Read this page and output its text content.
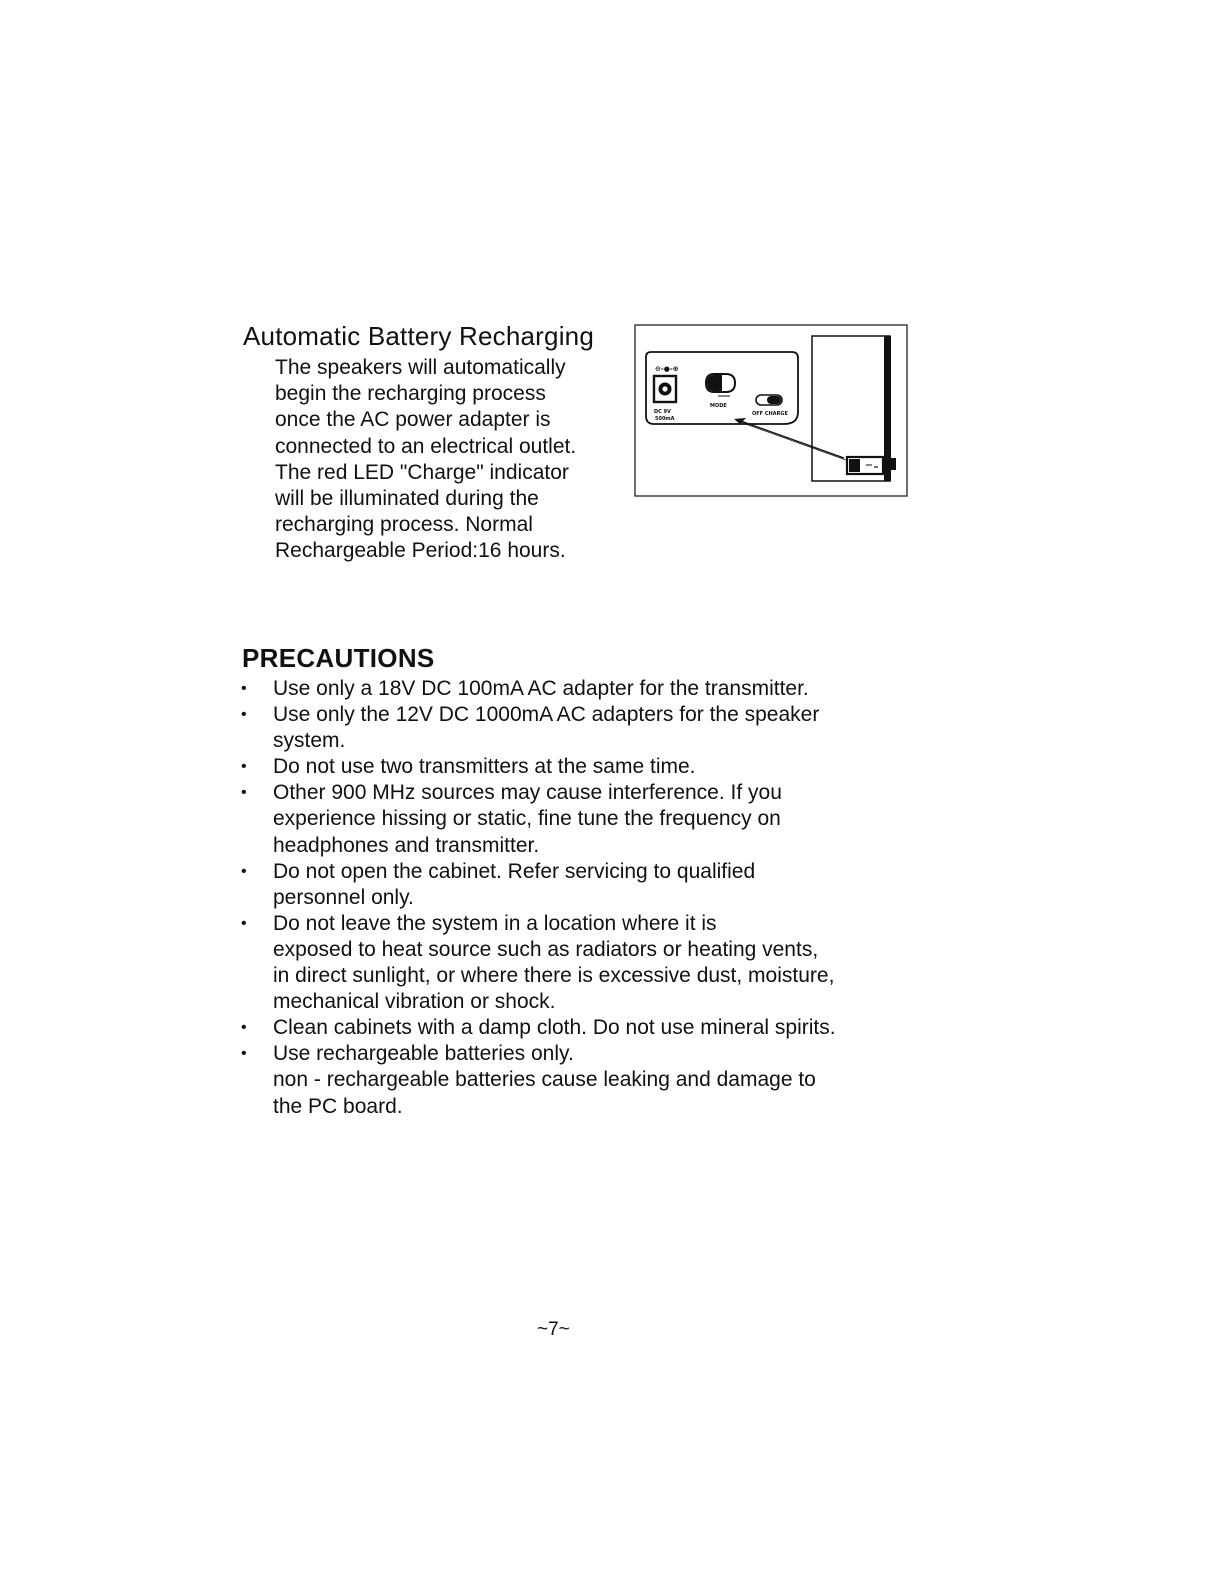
Automatic Battery Recharging
The speakers will automatically
begin the recharging process
once the AC power adapter is
connected to an electrical outlet.
The red LED "Charge" indicator
will be illuminated during the
recharging process. Normal
Rechargeable Period:16 hours.
⊖-●-⊕
DC 9V
500mA
MODE
OFF CHARGE
PRECAUTIONS
• Use only a 18V DC 100mA AC adapter for the transmitter.
• Use only the 12V DC 1000mA AC adapters for the speaker
system.
• Do not use two transmitters at the same time.
• Other 900 MHz sources may cause interference. If you
experience hissing or static, fine tune the frequency on
headphones and transmitter.
• Do not open the cabinet. Refer servicing to qualified
personnel only.
• Do not leave the system in a location where it is
exposed to heat source such as radiators or heating vents,
in direct sunlight, or where there is excessive dust, moisture,
mechanical vibration or shock.
• Clean cabinets with a damp cloth. Do not use mineral spirits.
• Use rechargeable batteries only.
non - rechargeable batteries cause leaking and damage to
the PC board.
~7~
